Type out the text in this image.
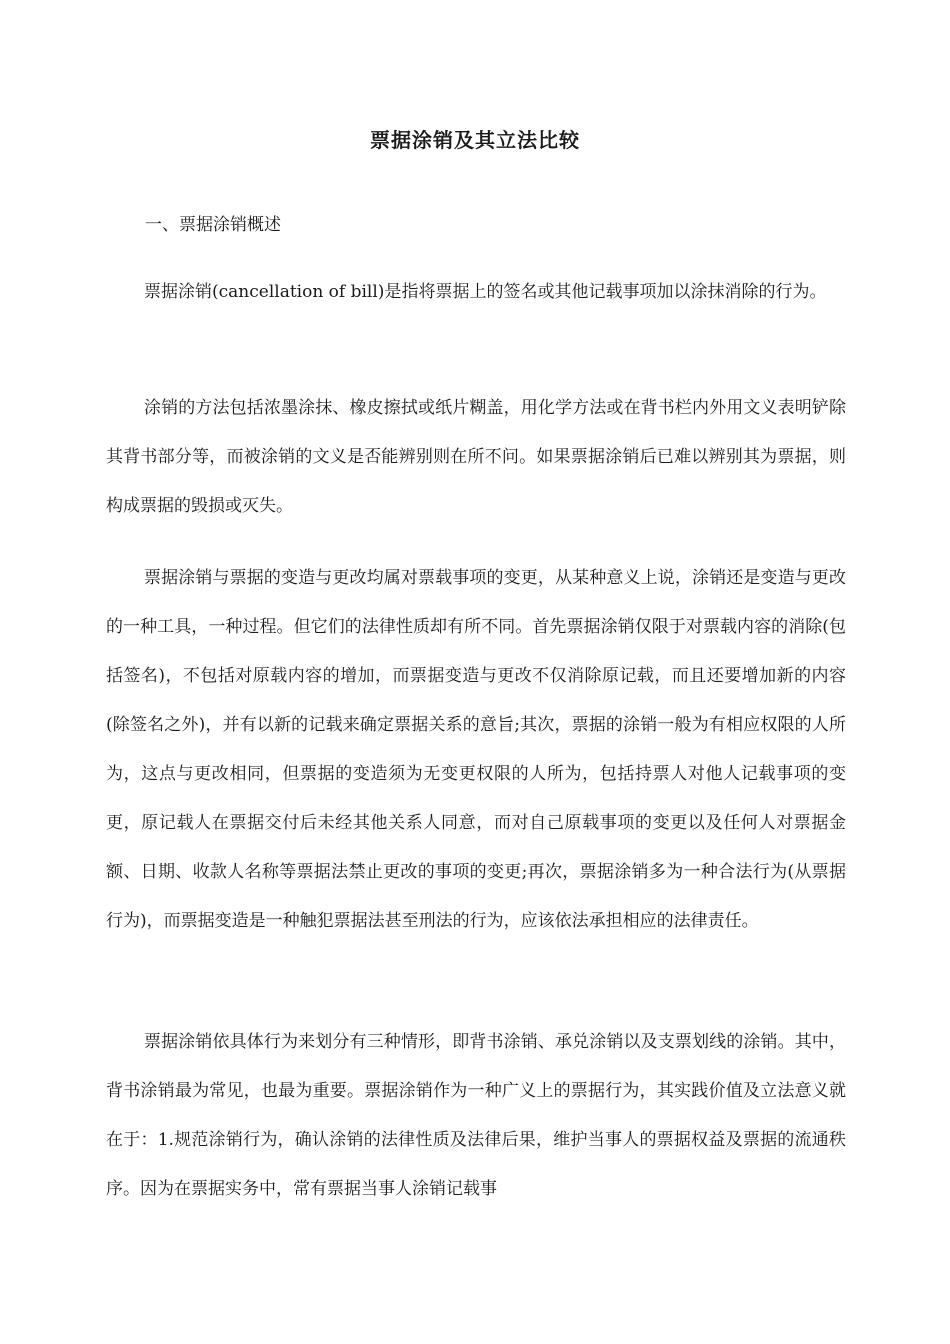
票据涂销及其立法比较
一、票据涂销概述

票据涂销(cancellation of bill)是指将票据上的签名或其他记载事项加以涂抹消除的行为。

涂销的方法包括浓墨涂抹、橡皮擦拭或纸片糊盖，用化学方法或在背书栏内外用文义表明铲除其背书部分等，而被涂销的文义是否能辨别则在所不问。如果票据涂销后已难以辨别其为票据，则构成票据的毁损或灭失。

票据涂销与票据的变造与更改均属对票载事项的变更，从某种意义上说，涂销还是变造与更改的一种工具，一种过程。但它们的法律性质却有所不同。首先票据涂销仅限于对票载内容的消除(包括签名)，不包括对原载内容的增加，而票据变造与更改不仅消除原记载，而且还要增加新的内容(除签名之外)，并有以新的记载来确定票据关系的意旨;其次，票据的涂销一般为有相应权限的人所为，这点与更改相同，但票据的变造须为无变更权限的人所为，包括持票人对他人记载事项的变更，原记载人在票据交付后未经其他关系人同意，而对自己原载事项的变更以及任何人对票据金额、日期、收款人名称等票据法禁止更改的事项的变更;再次，票据涂销多为一种合法行为(从票据行为)，而票据变造是一种触犯票据法甚至刑法的行为，应该依法承担相应的法律责任。

票据涂销依具体行为来划分有三种情形，即背书涂销、承兑涂销以及支票划线的涂销。其中，背书涂销最为常见，也最为重要。票据涂销作为一种广义上的票据行为，其实践价值及立法意义就在于：1.规范涂销行为，确认涂销的法律性质及法律后果，维护当事人的票据权益及票据的流通秩序。因为在票据实务中，常有票据当事人涂销记载事
